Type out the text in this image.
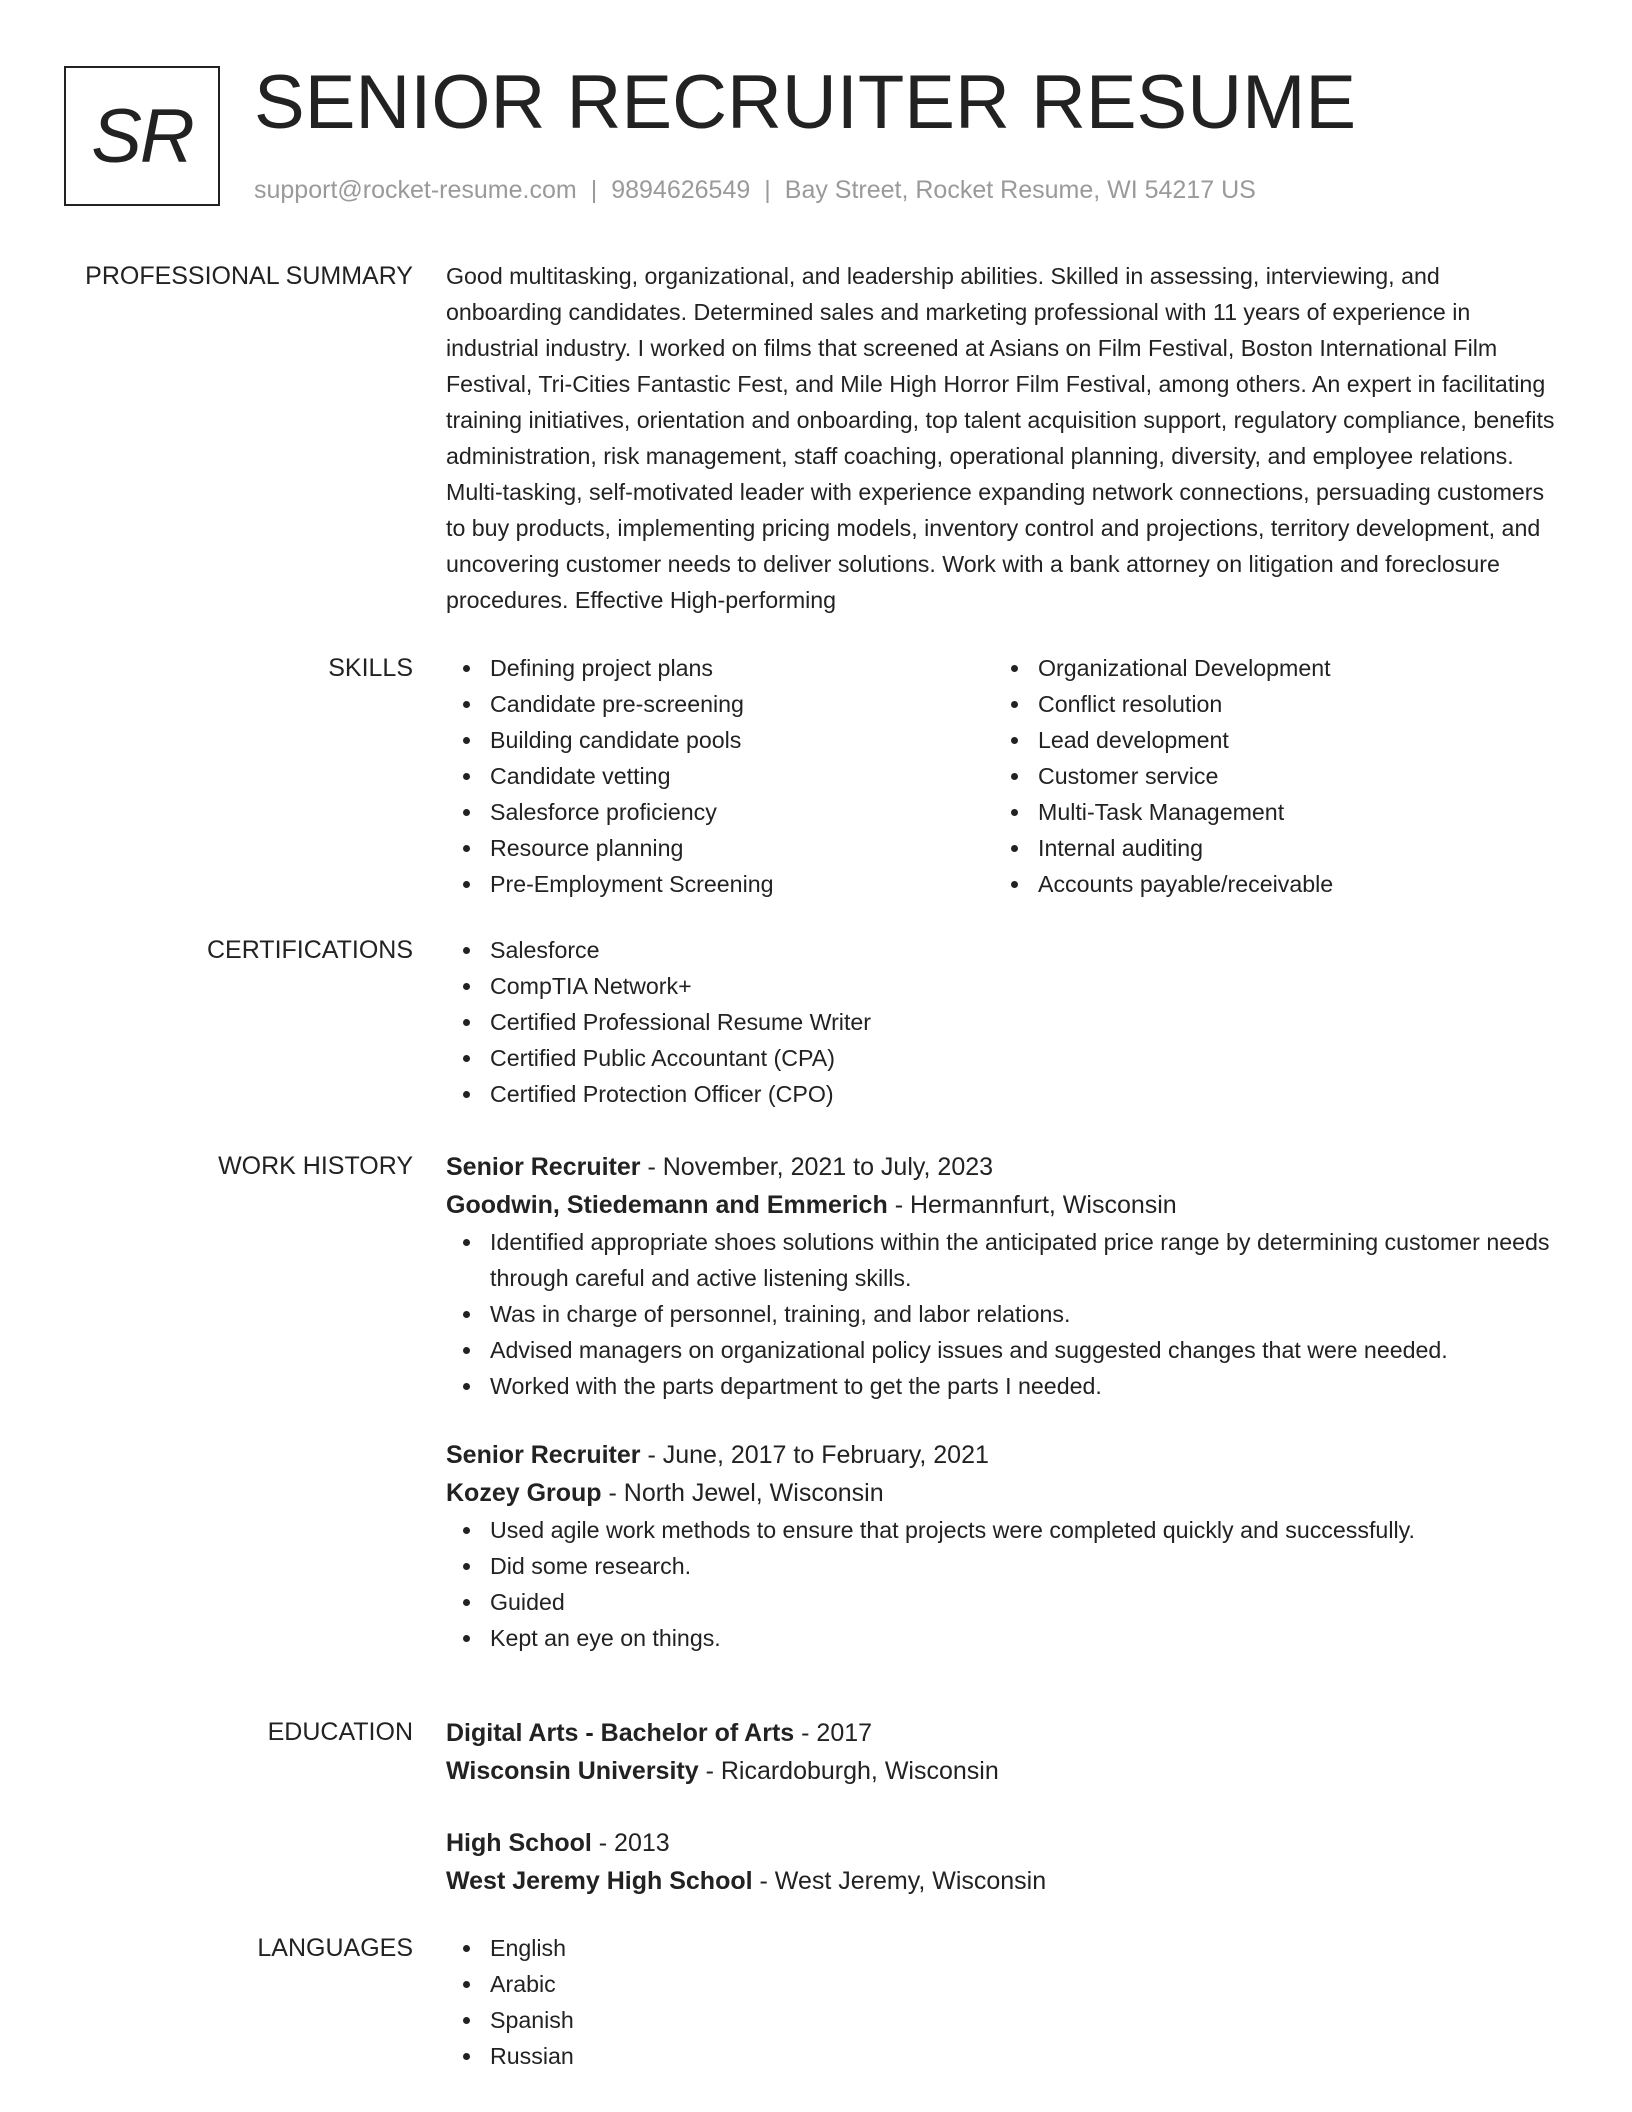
SR SENIOR RECRUITER RESUME
support@rocket-resume.com | 9894626549 | Bay Street, Rocket Resume, WI 54217 US
PROFESSIONAL SUMMARY Good multitasking, organizational, and leadership abilities. Skilled in assessing, interviewing, and onboarding candidates. Determined sales and marketing professional with 11 years of experience in industrial industry. I worked on films that screened at Asians on Film Festival, Boston International Film Festival, Tri-Cities Fantastic Fest, and Mile High Horror Film Festival, among others. An expert in facilitating training initiatives, orientation and onboarding, top talent acquisition support, regulatory compliance, benefits administration, risk management, staff coaching, operational planning, diversity, and employee relations. Multi-tasking, self-motivated leader with experience expanding network connections, persuading customers to buy products, implementing pricing models, inventory control and projections, territory development, and uncovering customer needs to deliver solutions. Work with a bank attorney on litigation and foreclosure procedures. Effective High-performing

SKILLS	Defining project plans
Candidate pre-screening
Building candidate pools
Candidate vetting
Salesforce proficiency
Resource planning
Pre-Employment Screening
Organizational Development
Conflict resolution
Lead development
Customer service
Multi-Task Management
Internal auditing
Accounts payable/receivable
CERTIFICATIONS	Salesforce
CompTIA Network+
Certified Professional Resume Writer
Certified Public Accountant (CPA)
Certified Protection Officer (CPO)
WORK HISTORY Senior Recruiter - November, 2021 to July, 2023
Goodwin, Stiedemann and Emmerich - Hermannfurt, Wisconsin
Identified appropriate shoes solutions within the anticipated price range by determining customer needs through careful and active listening skills.
Was in charge of personnel, training, and labor relations.
Advised managers on organizational policy issues and suggested changes that were needed.
Worked with the parts department to get the parts I needed.
Senior Recruiter - June, 2017 to February, 2021
Kozey Group - North Jewel, Wisconsin
Used agile work methods to ensure that projects were completed quickly and successfully.
Did some research.
Guided
Kept an eye on things.
EDUCATION Digital Arts - Bachelor of Arts - 2017
Wisconsin University - Ricardoburgh, Wisconsin
High School - 2013
West Jeremy High School - West Jeremy, Wisconsin
LANGUAGES	English
Arabic
Spanish
Russian
